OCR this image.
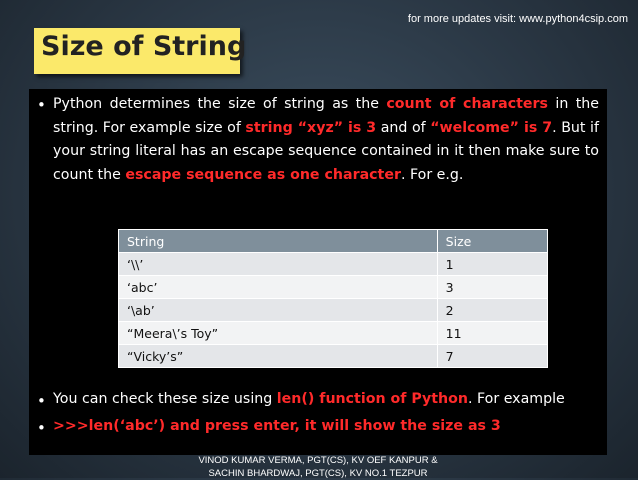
for more updates visit: www.python4csip.com
Size of String
• Python determines the size of string as the count of characters in the string. For example size of string “xyz” is 3 and of “welcome” is 7. But if your string literal has an escape sequence contained in it then make sure to count the escape sequence as one character. For e.g.
String	Size
‘\\’	1
‘abc’	3
‘\ab’	2
“Meera\’s Toy”	11
“Vicky’s”	7
• You can check these size using len() function of Python. For example
• >>>len(‘abc’) and press enter, it will show the size as 3
VINOD KUMAR VERMA, PGT(CS), KV OEF KANPUR &
SACHIN BHARDWAJ, PGT(CS), KV NO.1 TEZPUR
